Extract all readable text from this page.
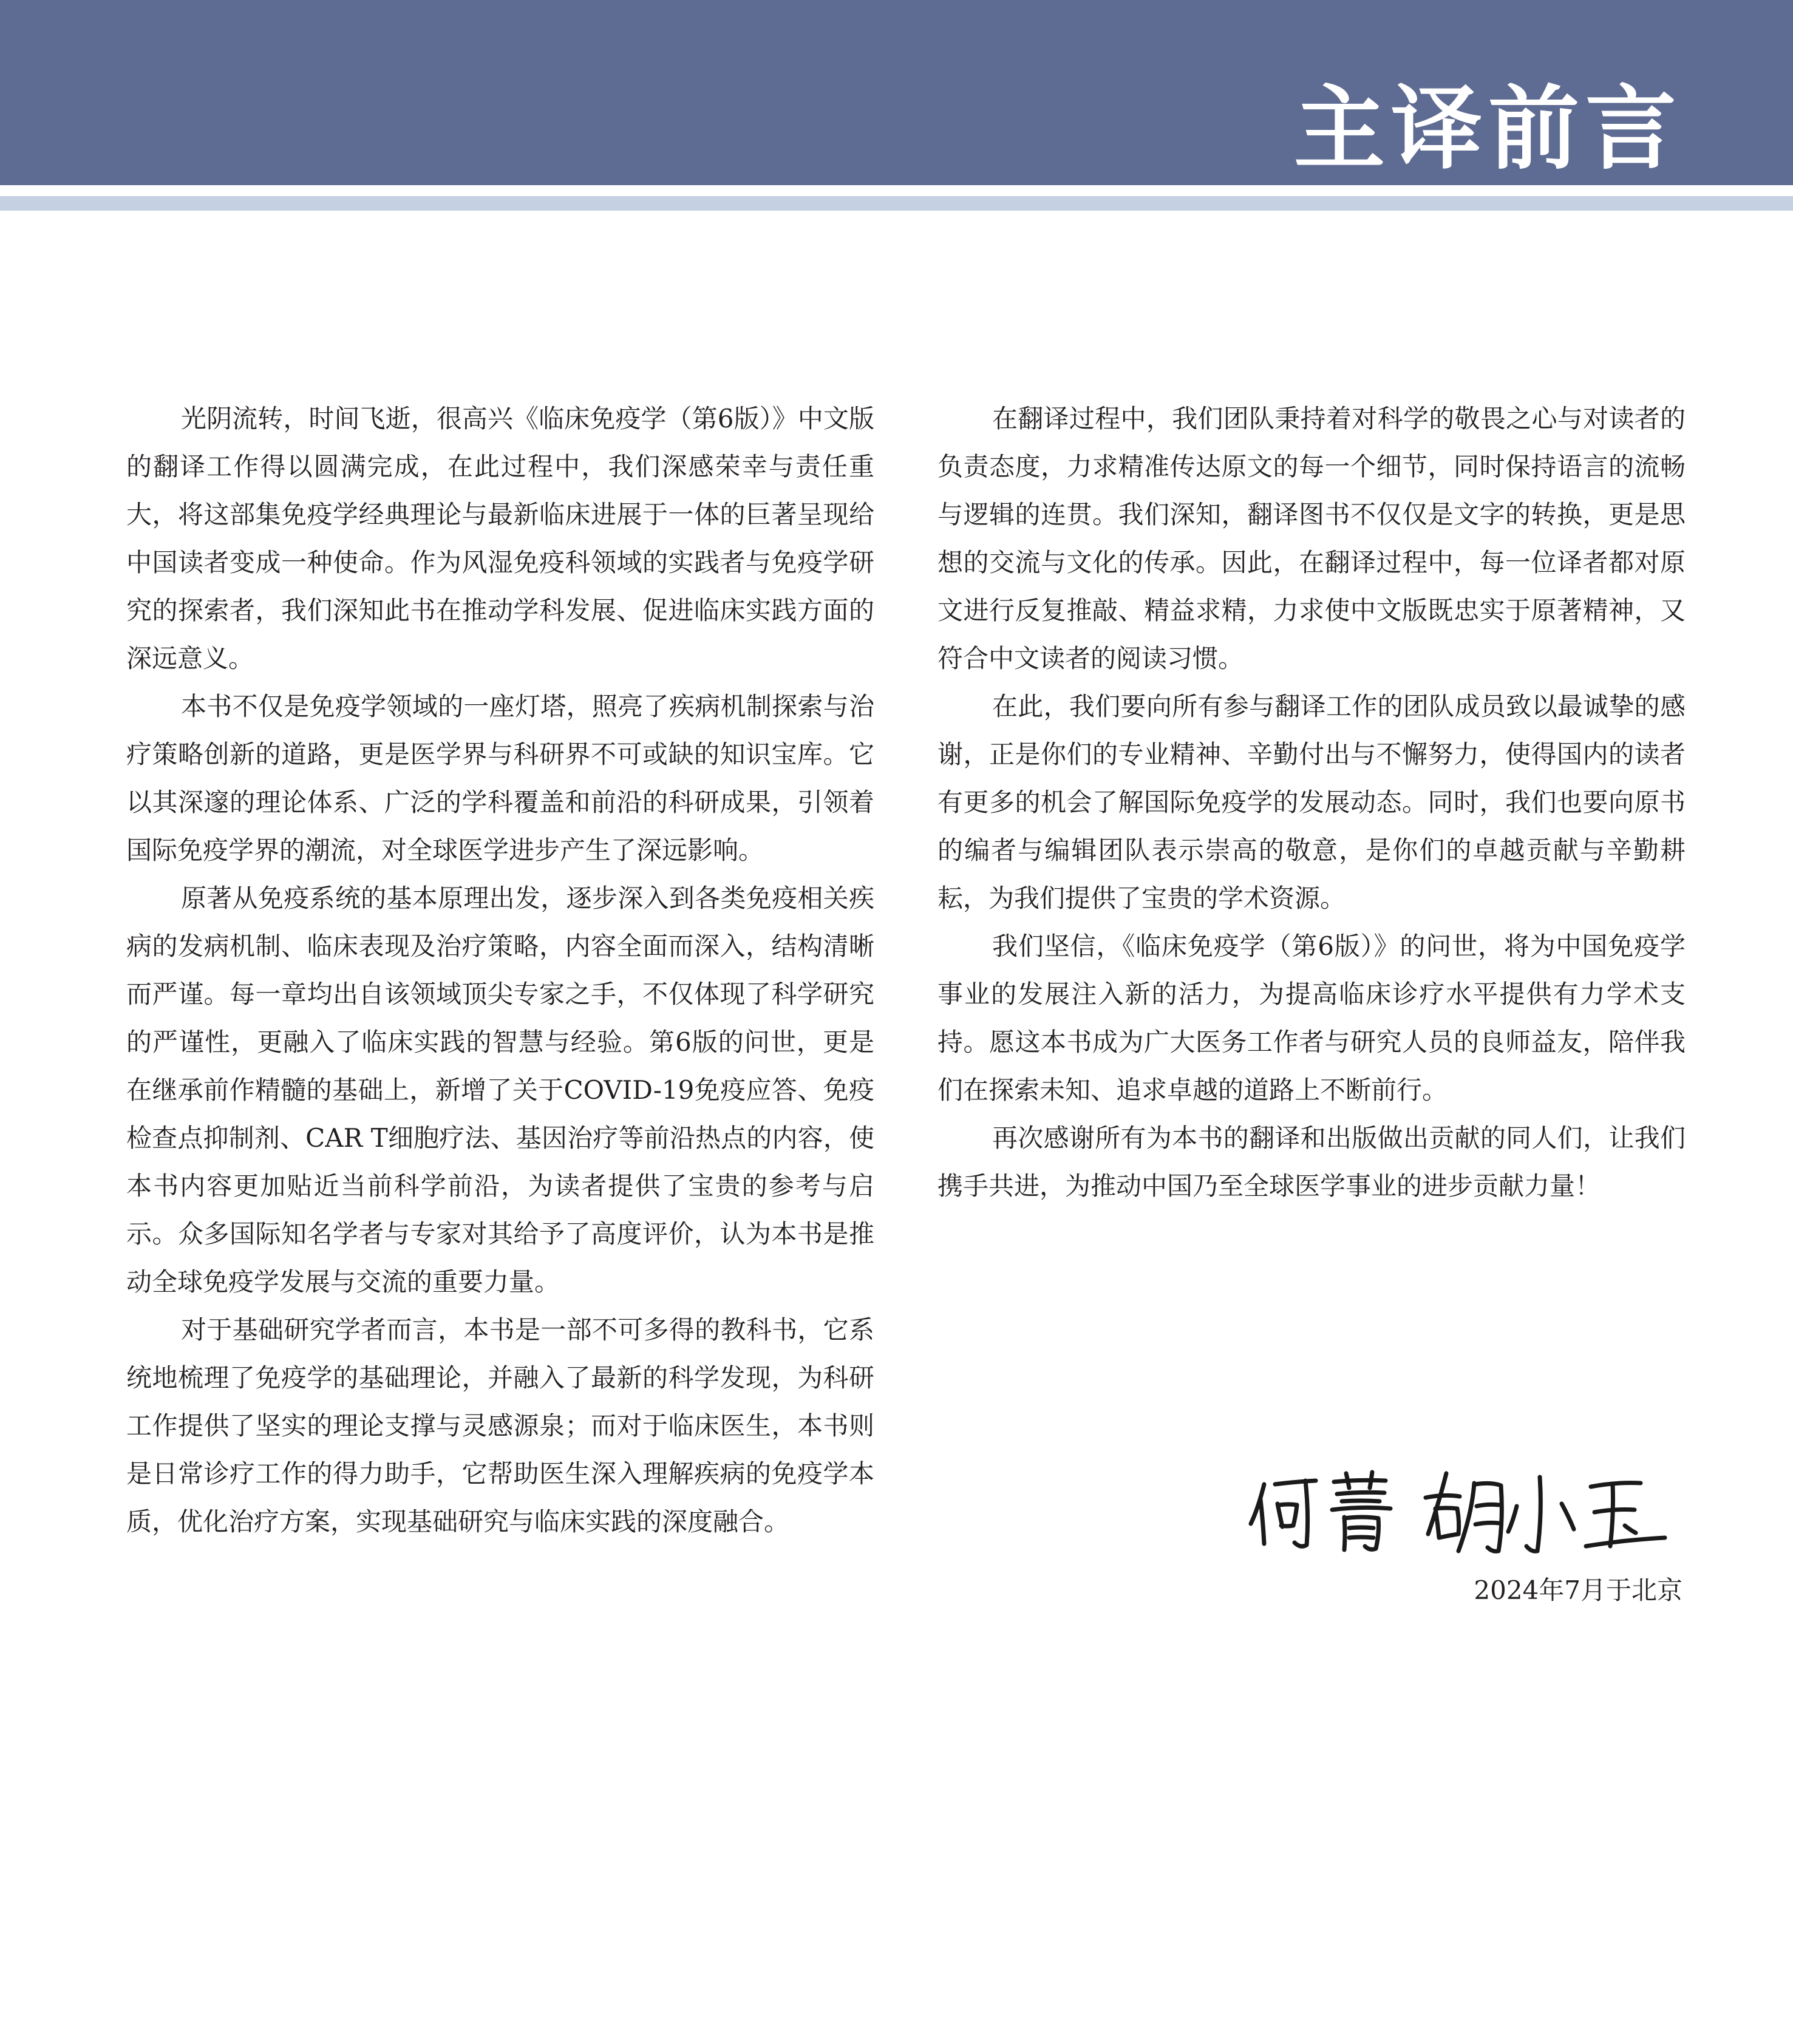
主译前言

光阴流转，时间飞逝，很高兴《临床免疫学（第6版）》中文版的翻译工作得以圆满完成，在此过程中，我们深感荣幸与责任重大，将这部集免疫学经典理论与最新临床进展于一体的巨著呈现给中国读者变成一种使命。作为风湿免疫科领域的实践者与免疫学研究的探索者，我们深知此书在推动学科发展、促进临床实践方面的深远意义。

本书不仅是免疫学领域的一座灯塔，照亮了疾病机制探索与治疗策略创新的道路，更是医学界与科研界不可或缺的知识宝库。它以其深邃的理论体系、广泛的学科覆盖和前沿的科研成果，引领着国际免疫学界的潮流，对全球医学进步产生了深远影响。

原著从免疫系统的基本原理出发，逐步深入到各类免疫相关疾病的发病机制、临床表现及治疗策略，内容全面而深入，结构清晰而严谨。每一章均出自该领域顶尖专家之手，不仅体现了科学研究的严谨性，更融入了临床实践的智慧与经验。第6版的问世，更是在继承前作精髓的基础上，新增了关于COVID-19免疫应答、免疫检查点抑制剂、CAR T细胞疗法、基因治疗等前沿热点的内容，使本书内容更加贴近当前科学前沿，为读者提供了宝贵的参考与启示。众多国际知名学者与专家对其给予了高度评价，认为本书是推动全球免疫学发展与交流的重要力量。

对于基础研究学者而言，本书是一部不可多得的教科书，它系统地梳理了免疫学的基础理论，并融入了最新的科学发现，为科研工作提供了坚实的理论支撑与灵感源泉；而对于临床医生，本书则是日常诊疗工作的得力助手，它帮助医生深入理解疾病的免疫学本质，优化治疗方案，实现基础研究与临床实践的深度融合。

在翻译过程中，我们团队秉持着对科学的敬畏之心与对读者的负责态度，力求精准传达原文的每一个细节，同时保持语言的流畅与逻辑的连贯。我们深知，翻译图书不仅仅是文字的转换，更是思想的交流与文化的传承。因此，在翻译过程中，每一位译者都对原文进行反复推敲、精益求精，力求使中文版既忠实于原著精神，又符合中文读者的阅读习惯。

在此，我们要向所有参与翻译工作的团队成员致以最诚挚的感谢，正是你们的专业精神、辛勤付出与不懈努力，使得国内的读者有更多的机会了解国际免疫学的发展动态。同时，我们也要向原书的编者与编辑团队表示崇高的敬意，是你们的卓越贡献与辛勤耕耘，为我们提供了宝贵的学术资源。

我们坚信，《临床免疫学（第6版）》的问世，将为中国免疫学事业的发展注入新的活力，为提高临床诊疗水平提供有力学术支持。愿这本书成为广大医务工作者与研究人员的良师益友，陪伴我们在探索未知、追求卓越的道路上不断前行。

再次感谢所有为本书的翻译和出版做出贡献的同人们，让我们携手共进，为推动中国乃至全球医学事业的进步贡献力量！

2024年7月于北京
